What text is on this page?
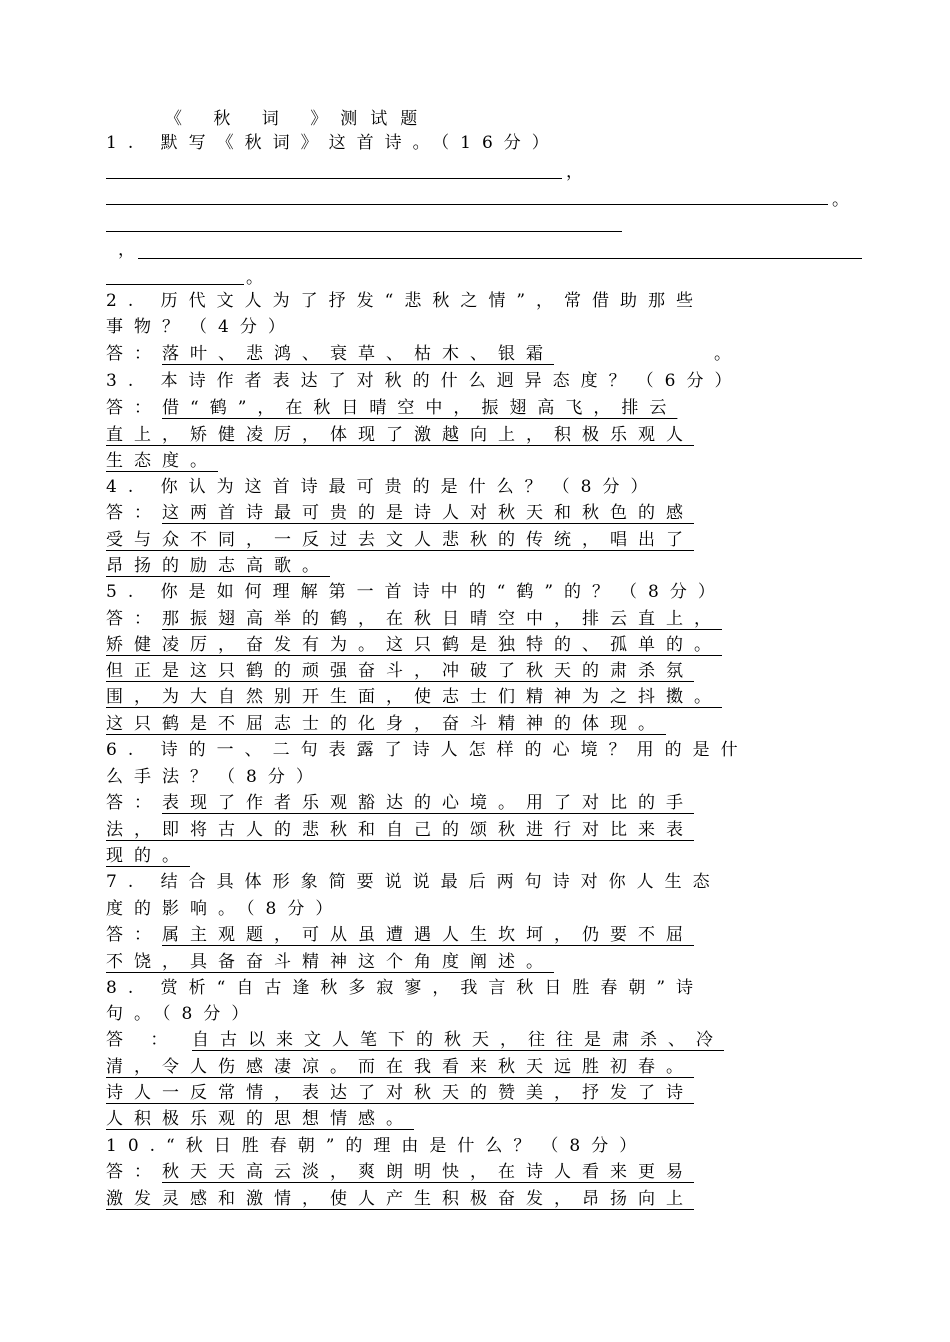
《 秋 词 》测试题
1. 默写《秋词》这首诗。（16分）
，
。
，
。
2. 历代文人为了抒发“悲秋之情”，常借助那些
事物？（4分）
答：落叶、悲鸿、衰草、枯木、银霜	。
3. 本诗作者表达了对秋的什么迥异态度？（6分）
答：借“鹤”，在秋日晴空中，振翅高飞，排云
直上，矫健凌厉，体现了激越向上，积极乐观人
生态度。
4. 你认为这首诗最可贵的是什么？（8分）
答：这两首诗最可贵的是诗人对秋天和秋色的感
受与众不同，一反过去文人悲秋的传统，唱出了
昂扬的励志高歌。
5. 你是如何理解第一首诗中的“鹤”的？（8分）
答：那振翅高举的鹤，在秋日晴空中，排云直上，
矫健凌厉，奋发有为。这只鹤是独特的、孤单的。
但正是这只鹤的顽强奋斗，冲破了秋天的肃杀氛
围，为大自然别开生面，使志士们精神为之抖擞。
这只鹤是不屈志士的化身，奋斗精神的体现。
6. 诗的一、二句表露了诗人怎样的心境？用的是什
么手法？（8分）
答：表现了作者乐观豁达的心境。用了对比的手
法，即将古人的悲秋和自己的颂秋进行对比来表
现的。
7. 结合具体形象简要说说最后两句诗对你人生态
度的影响。（8分）
答：属主观题，可从虽遭遇人生坎坷，仍要不屈
不饶，具备奋斗精神这个角度阐述。
8. 赏析“自古逢秋多寂寥，我言秋日胜春朝”诗
句。（8分）
答 ： 自古以来文人笔下的秋天，往往是肃杀、冷
清，令人伤感凄凉。而在我看来秋天远胜初春。
诗人一反常情，表达了对秋天的赞美，抒发了诗
人积极乐观的思想情感。
10.“秋日胜春朝”的理由是什么？（8分）
答：秋天天高云淡，爽朗明快，在诗人看来更易
激发灵感和激情，使人产生积极奋发，昂扬向上
